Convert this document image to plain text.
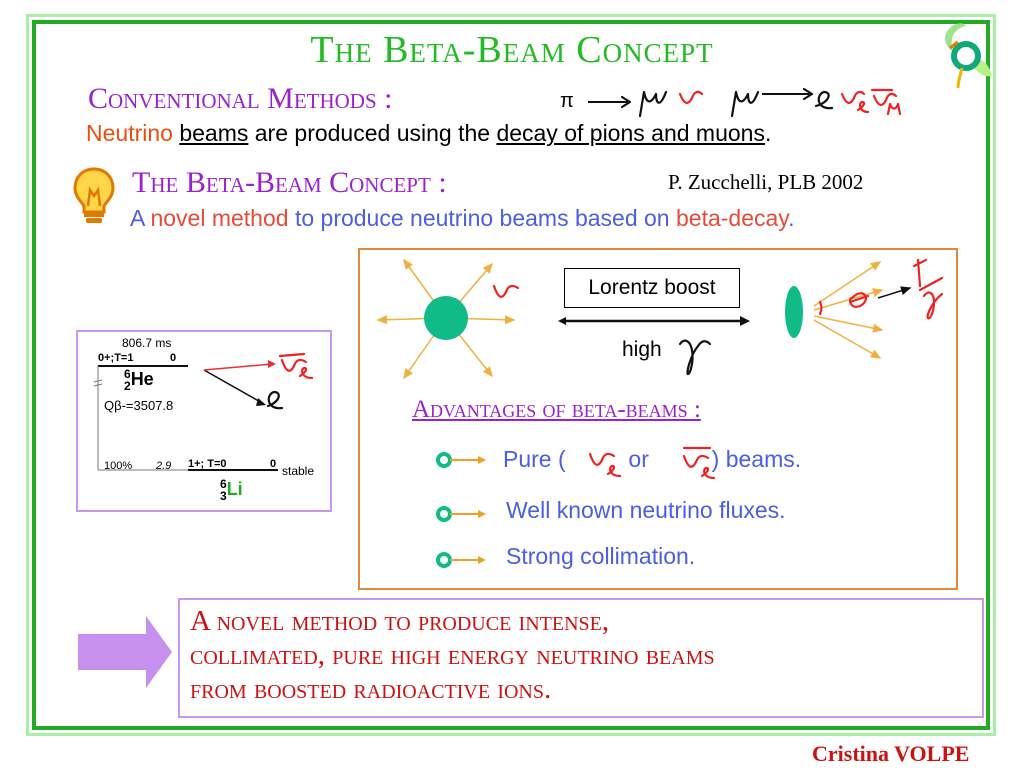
The Beta-Beam Concept
Conventional Methods :	π
Neutrino beams are produced using the decay of pions and muons.
The Beta-Beam Concept :	P. Zucchelli, PLB 2002
A novel method to produce neutrino beams based on beta-decay.
Lorentz boost
high
Advantages of beta-beams :
Pure (	or	) beams.
Well known neutrino fluxes.
Strong collimation.
806.7 ms
0+;T=1	0
6
2He
Qβ-=3507.8
100% 2.9 1+; T=0	0 stable
6
3Li
A novel method to produce intense,
collimated, pure high energy neutrino beams
from boosted radioactive ions.
Cristina VOLPE
